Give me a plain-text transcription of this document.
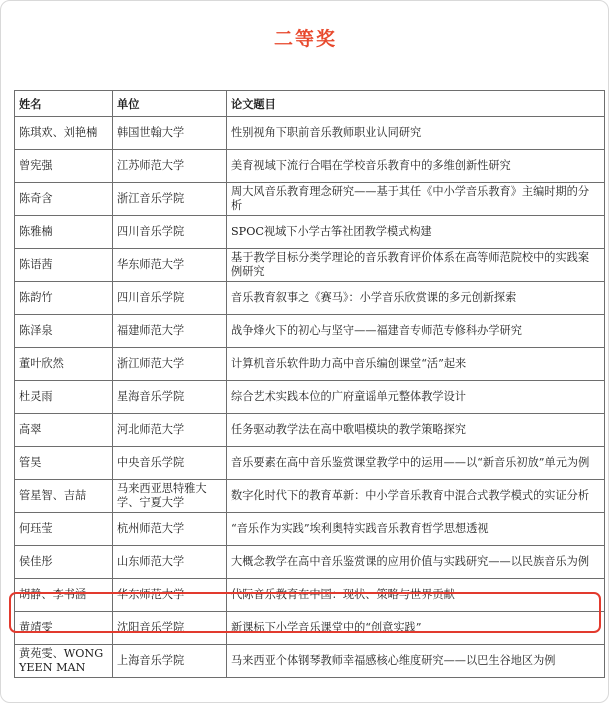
二等奖
姓名	单位	论文题目
陈琪欢、刘艳楠	韩国世翰大学	性别视角下职前音乐教师职业认同研究
曾宪强	江苏师范大学	美育视域下流行合唱在学校音乐教育中的多维创新性研究
陈奇含	浙江音乐学院	周大风音乐教育理念研究——基于其任《中小学音乐教育》主编时期的分析
陈雅楠	四川音乐学院	SPOC视域下小学古筝社团教学模式构建
陈语茜	华东师范大学	基于教学目标分类学理论的音乐教育评价体系在高等师范院校中的实践案例研究
陈韵竹	四川音乐学院	音乐教育叙事之《赛马》：小学音乐欣赏课的多元创新探索
陈泽泉	福建师范大学	战争烽火下的初心与坚守——福建音专师范专修科办学研究
董叶欣然	浙江师范大学	计算机音乐软件助力高中音乐编创课堂“活”起来
杜灵雨	星海音乐学院	综合艺术实践本位的广府童谣单元整体教学设计
高翠	河北师范大学	任务驱动教学法在高中歌唱模块的教学策略探究
管昊	中央音乐学院	音乐要素在高中音乐鉴赏课堂教学中的运用——以“新音乐初放”单元为例
管星智、吉喆	马来西亚思特雅大学、宁夏大学	数字化时代下的教育革新：中小学音乐教育中混合式教学模式的实证分析
何珏莹	杭州师范大学	“音乐作为实践”埃利奥特实践音乐教育哲学思想透视
侯佳彤	山东师范大学	大概念教学在高中音乐鉴赏课的应用价值与实践研究——以民族音乐为例
胡静、李书涵	华东师范大学	代际音乐教育在中国：现状、策略与世界贡献
黄靖雯	沈阳音乐学院	新课标下小学音乐课堂中的“创意实践”
黄苑雯、WONG YEEN MAN	上海音乐学院	马来西亚个体钢琴教师幸福感核心维度研究——以巴生谷地区为例
